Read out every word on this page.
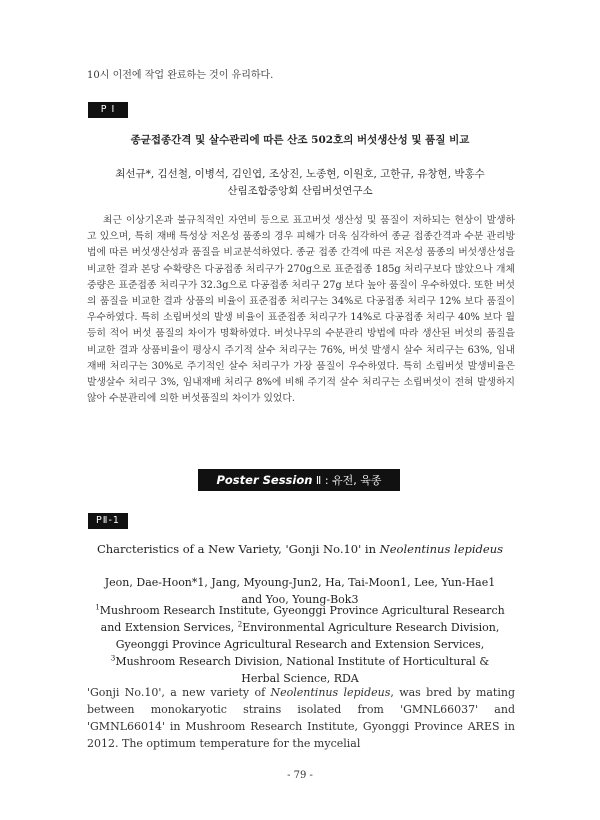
10시 이전에 작업 완료하는 것이 유리하다.

P I -21

종균접종간격 및 살수관리에 따른 산조 502호의 버섯생산성 및 품질 비교

최선규*, 김선철, 이병석, 김인엽, 조상진, 노종현, 이원호, 고한규, 유창현, 박홍수

산림조합중앙회 산림버섯연구소

최근 이상기온과 불규칙적인 자연비 등으로 표고버섯 생산성 및 품질이 저하되는 현상이 발생하고 있으며, 특히 재배 특성상 저온성 품종의 경우 피해가 더욱 심각하여 종균 접종간격과 수분 관리방법에 따른 버섯생산성과 품질을 비교분석하였다. 종균 접종 간격에 따른 저온성 품종의 버섯생산성을 비교한 결과 본당 수확량은 다공접종 처리구가 270g으로 표준접종 185g 처리구보다 많았으나 개체중량은 표준접종 처리구가 32.3g으로 다공접종 처리구 27g 보다 높아 품질이 우수하였다. 또한 버섯의 품질을 비교한 결과 상품의 비율이 표준접종 처리구는 34%로 다공접종 처리구 12% 보다 품질이 우수하였다. 특히 소립버섯의 발생 비율이 표준접종 처리구가 14%로 다공접종 처리구 40% 보다 월등히 적어 버섯 품질의 차이가 명확하였다. 버섯나무의 수분관리 방법에 따라 생산된 버섯의 품질을 비교한 결과 상품비율이 평상시 주기적 살수 처리구는 76%, 버섯 발생시 살수 처리구는 63%, 임내재배 처리구는 30%로 주기적인 살수 처리구가 가장 품질이 우수하였다. 특히 소립버섯 발생비율은 발생살수 처리구 3%, 임내재배 처리구 8%에 비해 주기적 살수 처리구는 소립버섯이 전혀 발생하지 않아 수분관리에 의한 버섯품질의 차이가 있었다.

Poster Session Ⅱ : 유전, 육종
PⅡ-1

Charcteristics of a New Variety, 'Gonji No.10' in Neolentinus lepideus

Jeon, Dae-Hoon*1, Jang, Myoung-Jun2, Ha, Tai-Moon1, Lee, Yun-Hae1 and Yoo, Young-Bok3

$^1$Mushroom Research Institute, Gyeonggi Province Agricultural Research and Extension Services, $^2$Environmental Agriculture Research Division, Gyeonggi Province Agricultural Research and Extension Services, $^3$Mushroom Research Division, National Institute of Horticultural & Herbal Science, RDA

'Gonji No.10', a new variety of Neolentinus lepideus, was bred by mating between monokaryotic strains isolated from 'GMNL66037' and 'GMNL66014' in Mushroom Research Institute, Gyonggi Province ARES in 2012. The optimum temperature for the mycelial

- 79 -
